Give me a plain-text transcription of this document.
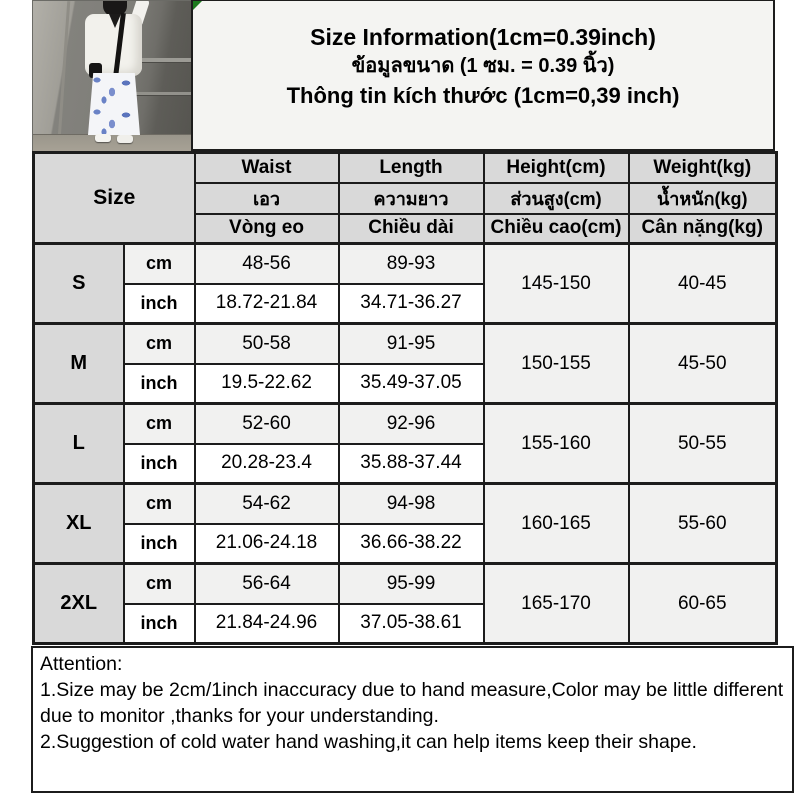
Size Information(1cm=0.39inch)
ข้อมูลขนาด (1 ซม. = 0.39 นิ้ว)
Thông tin kích thước (1cm=0,39 inch)
Size		Waist	Length	Height(cm)	Weight(kg)
		เอว	ความยาว	ส่วนสูง(cm)	น้ำหนัก(kg)
		Vòng eo	Chiều dài	Chiều cao(cm)	Cân nặng(kg)
S	cm	48-56	89-93	145-150	40-45
	inch	18.72-21.84	34.71-36.27		
M	cm	50-58	91-95	150-155	45-50
	inch	19.5-22.62	35.49-37.05		
L	cm	52-60	92-96	155-160	50-55
	inch	20.28-23.4	35.88-37.44		
XL	cm	54-62	94-98	160-165	55-60
	inch	21.06-24.18	36.66-38.22		
2XL	cm	56-64	95-99	165-170	60-65
	inch	21.84-24.96	37.05-38.61		
Attention:
1.Size may be 2cm/1inch inaccuracy due to hand measure,Color may be little different due to monitor ,thanks for your understanding.
2.Suggestion of cold water hand washing,it can help items keep their shape.
